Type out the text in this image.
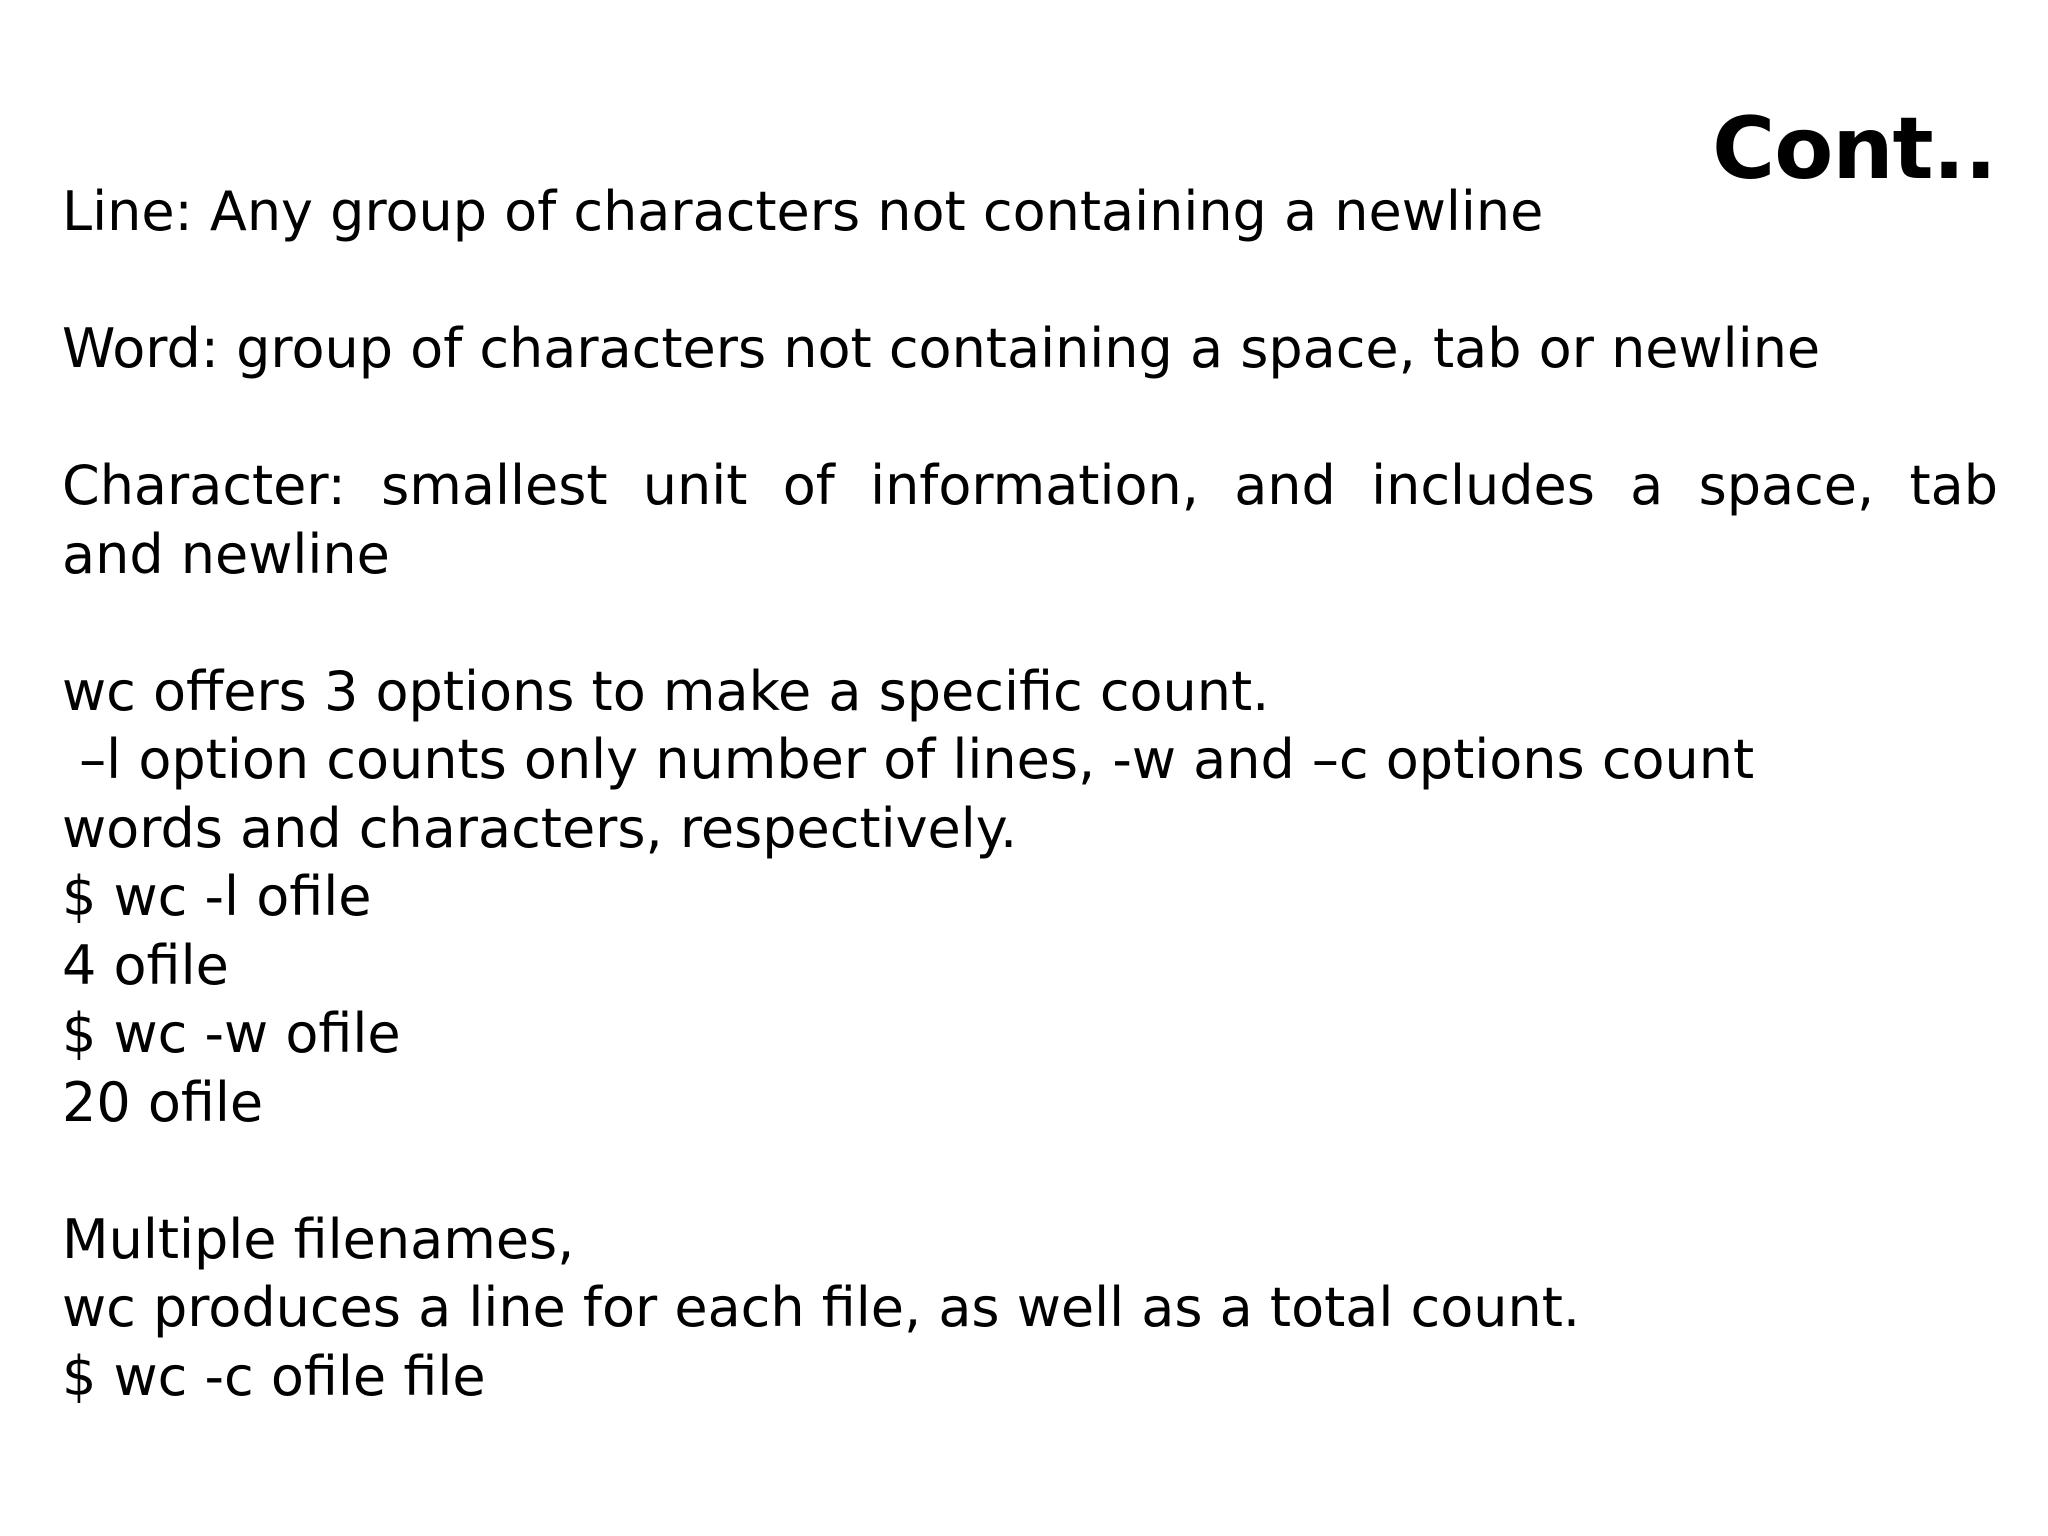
Cont..
Line: Any group of characters not containing a newline
Word: group of characters not containing a space, tab or newline
Character: smallest unit of information, and includes a space, tab
and newline
wc offers 3 options to make a specific count.
–l option counts only number of lines, -w and –c options count
words and characters, respectively.
$ wc -l ofile
4 ofile
$ wc -w ofile
20 ofile
Multiple filenames,
wc produces a line for each file, as well as a total count.
$ wc -c ofile file
